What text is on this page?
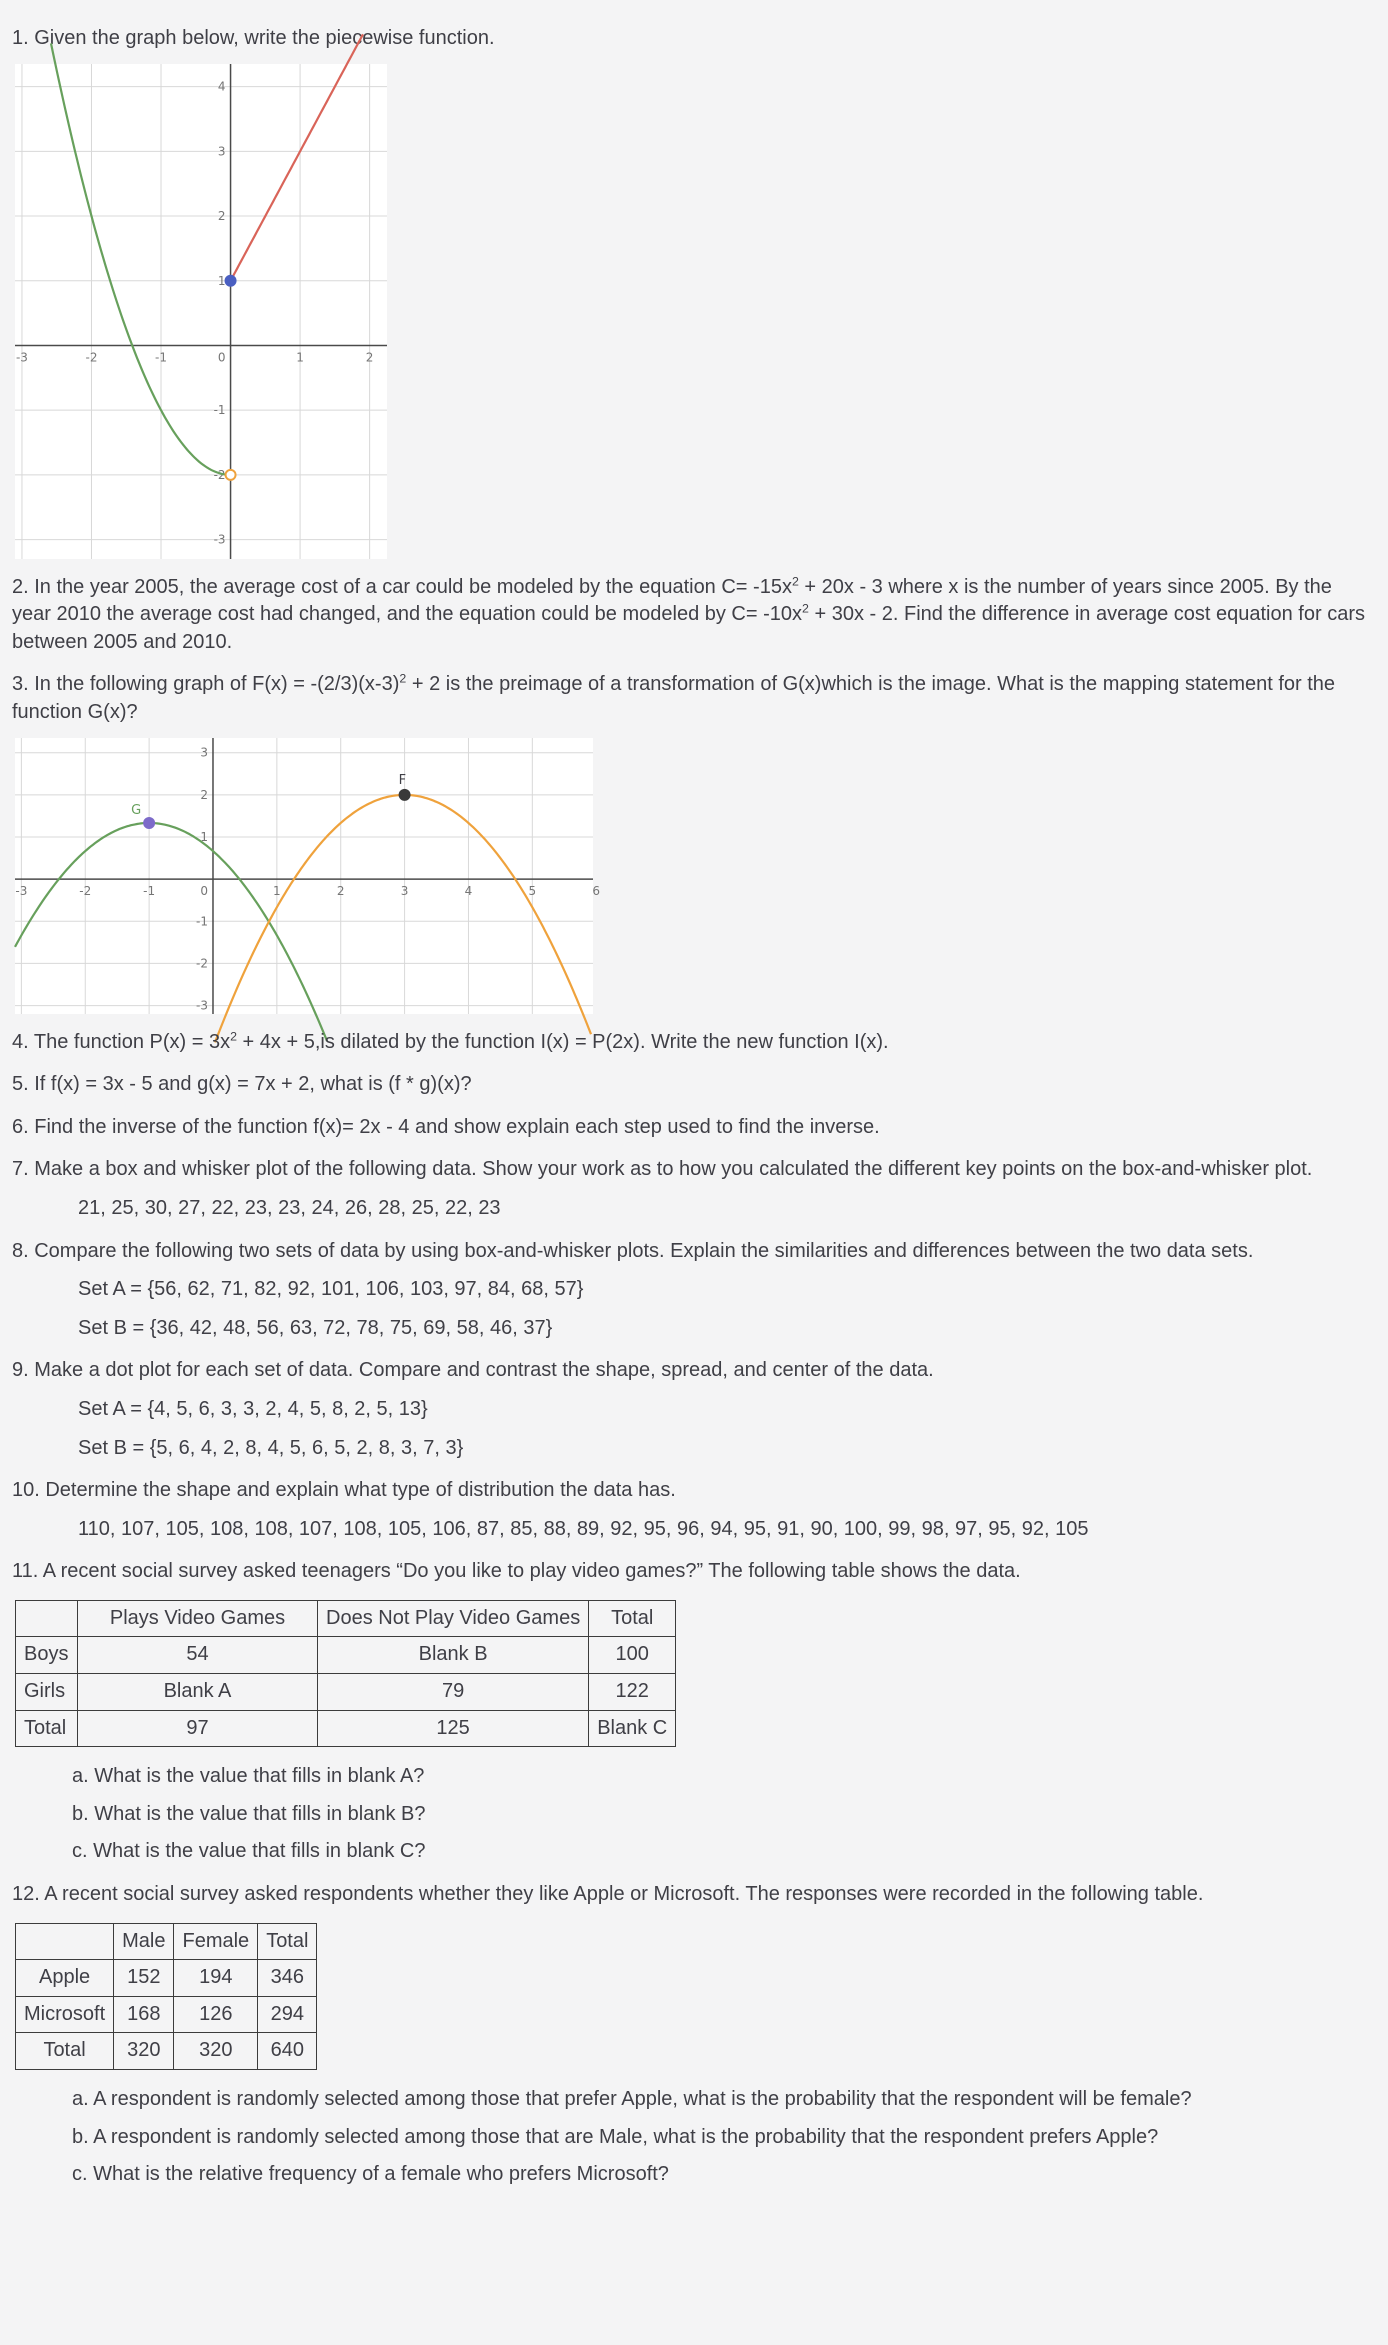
1. Given the graph below, write the piecewise function.

-3	-2	-1	0	1	2
-3
-2
-1
1
2
3
4

2. In the year 2005, the average cost of a car could be modeled by the equation $C= -15x^2 + 20x - 3$ where x is the number of years since 2005. By the year 2010 the average cost had changed, and the equation could be modeled by $C= -10x^2 + 30x - 2$. Find the difference in average cost equation for cars between 2005 and 2010.

3. In the following graph of $F(x) = -(2/3)(x-3)^2 + 2$ is the preimage of a transformation of G(x)which is the image. What is the mapping statement for the function G(x)?

-3	-2	-1	0	1	2	3	4	5	6
-3
-2
-1
1
2
3
G
F

4. The function $P(x) = 3x^2 + 4x + 5,is$ dilated by the function I(x) = P(2x). Write the new function I(x).

5. If f(x) = 3x - 5 and g(x) = 7x + 2, what is (f * g)(x)?

6. Find the inverse of the function f(x)= 2x - 4 and show explain each step used to find the inverse.

7. Make a box and whisker plot of the following data. Show your work as to how you calculated the different key points on the box-and-whisker plot.

21, 25, 30, 27, 22, 23, 23, 24, 26, 28, 25, 22, 23

8. Compare the following two sets of data by using box-and-whisker plots. Explain the similarities and differences between the two data sets.

Set A = {56, 62, 71, 82, 92, 101, 106, 103, 97, 84, 68, 57}

Set B = {36, 42, 48, 56, 63, 72, 78, 75, 69, 58, 46, 37}

9. Make a dot plot for each set of data. Compare and contrast the shape, spread, and center of the data.

Set A = {4, 5, 6, 3, 3, 2, 4, 5, 8, 2, 5, 13}

Set B = {5, 6, 4, 2, 8, 4, 5, 6, 5, 2, 8, 3, 7, 3}

10. Determine the shape and explain what type of distribution the data has.

110, 107, 105, 108, 108, 107, 108, 105, 106, 87, 85, 88, 89, 92, 95, 96, 94, 95, 91, 90, 100, 99, 98, 97, 95, 92, 105

11. A recent social survey asked teenagers “Do you like to play video games?” The following table shows the data.

	Plays Video Games	Does Not Play Video Games	Total
Boys	54	Blank B	100
Girls	Blank A	79	122
Total	97	125	Blank C

a. What is the value that fills in blank A?

b. What is the value that fills in blank B?

c. What is the value that fills in blank C?

12. A recent social survey asked respondents whether they like Apple or Microsoft. The responses were recorded in the following table.

	Male	Female	Total
Apple	152	194	346
Microsoft	168	126	294
Total	320	320	640

a. A respondent is randomly selected among those that prefer Apple, what is the probability that the respondent will be female?

b. A respondent is randomly selected among those that are Male, what is the probability that the respondent prefers Apple?

c. What is the relative frequency of a female who prefers Microsoft?
